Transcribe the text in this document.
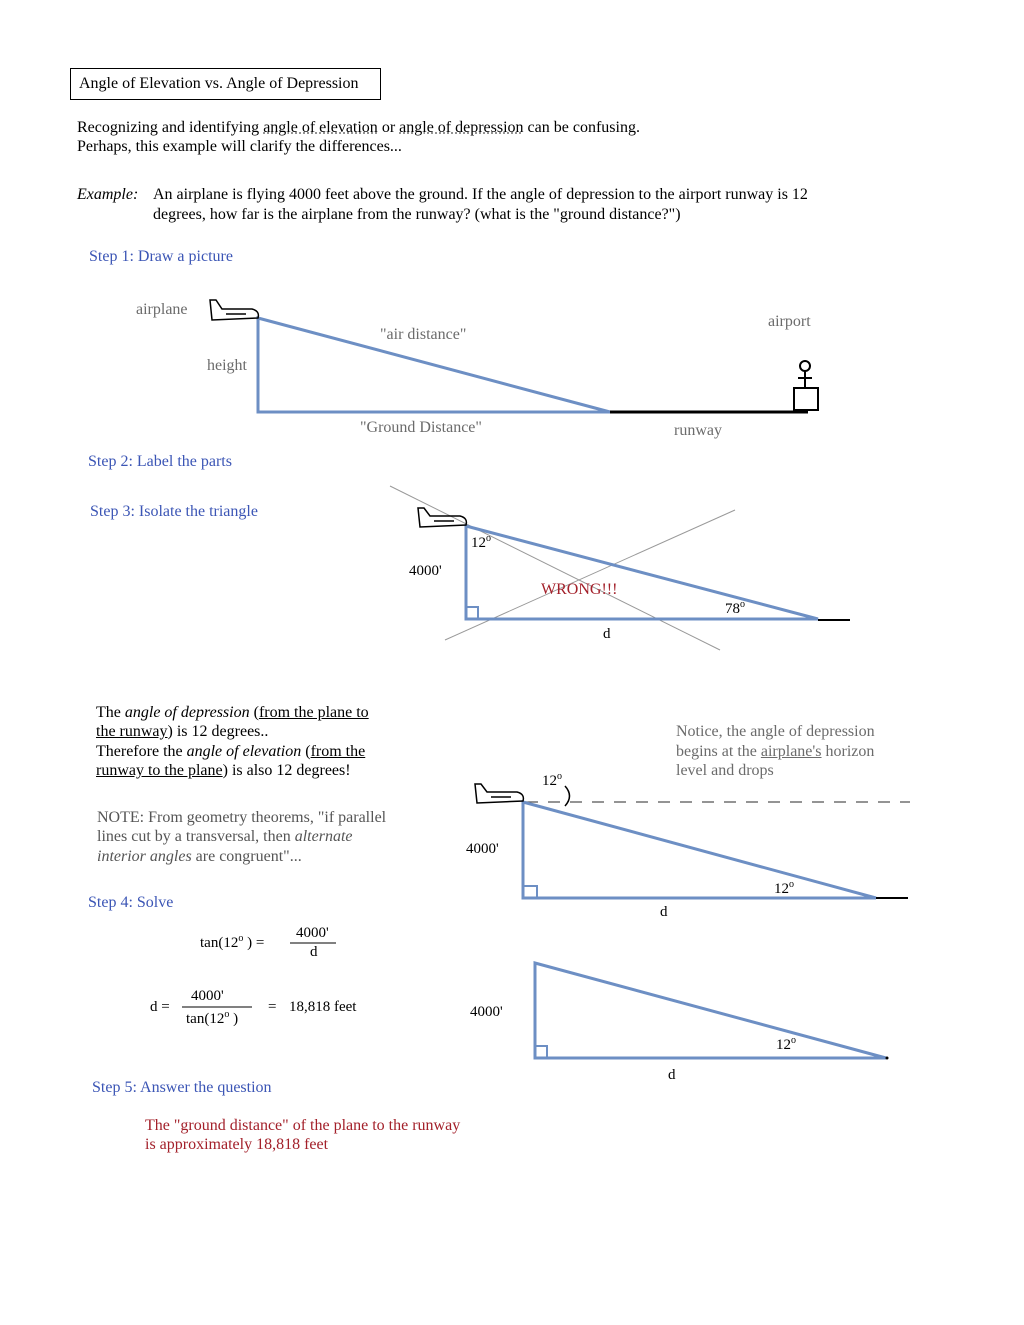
Angle of Elevation vs. Angle of Depression
Recognizing and identifying angle of elevation or angle of depression can be confusing.
Perhaps, this example will clarify the differences...
Example: An airplane is flying 4000 feet above the ground. If the angle of depression to the airport runway is 12
degrees, how far is the airplane from the runway? (what is the "ground distance?")
Step 1: Draw a picture
Step 2: Label the parts
Step 3: Isolate the triangle
Step 4: Solve
Step 5: Answer the question
airplane
"air distance"
airport
height
"Ground Distance"	runway
12$^o$
4000'
WRONG!!!
78$^o$
d
The angle of depression (from the plane to
the runway) is 12 degrees..
Therefore the angle of elevation (from the
runway to the plane) is also 12 degrees!
NOTE: From geometry theorems, "if parallel
lines cut by a transversal, then alternate
interior angles are congruent"...
Notice, the angle of depression
begins at the airplane's horizon
level and drops
12$^o$
4000'
12$^o$
d
tan(12$^o$ ) =
4000'
d
d =
4000'
tan(12$^o$ )
= 18,818 feet	4000'
12$^o$
d
The "ground distance" of the plane to the runway
is approximately 18,818 feet
